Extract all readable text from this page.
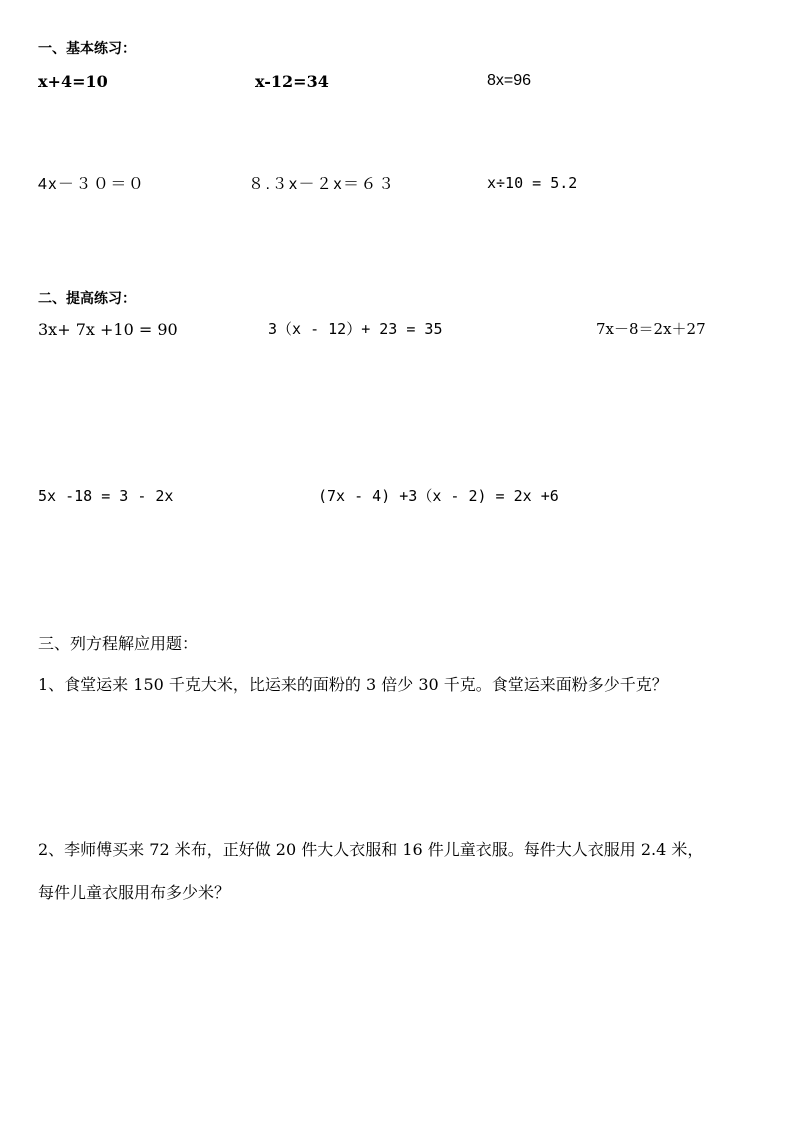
一、基本练习：
x+4=10	x-12=34	8x=96
4x－３０＝０	８.３x－２x＝６３	x÷10 = 5.2
二、提高练习：
3x+ 7x +10 = 90	3（x - 12）+ 23 = 35	7x－8＝2x＋27
5x -18 = 3 - 2x	(7x - 4) +3（x - 2) = 2x +6
三、列方程解应用题：
1、食堂运来 150 千克大米，比运来的面粉的 3 倍少 30 千克。食堂运来面粉多少千克？
2、李师傅买来 72 米布，正好做 20 件大人衣服和 16 件儿童衣服。每件大人衣服用 2.4 米，
每件儿童衣服用布多少米？
